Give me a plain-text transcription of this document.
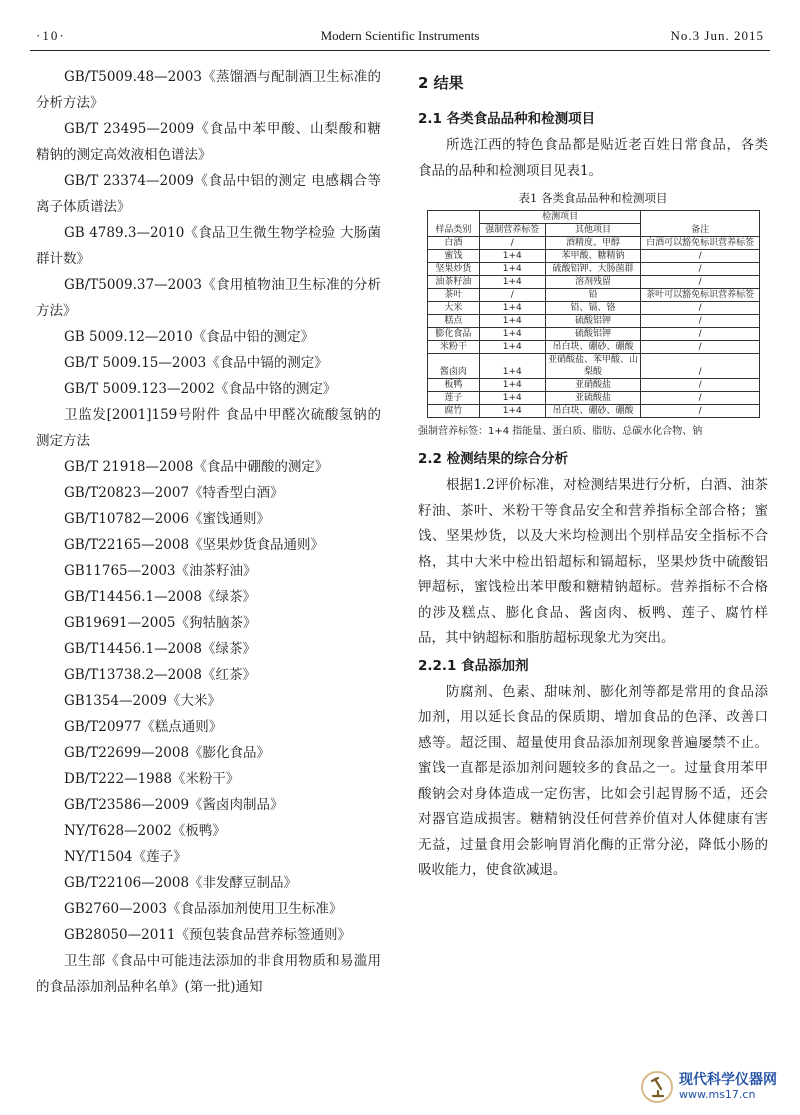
·10·	Modern Scientific Instruments	No.3 Jun. 2015

GB/T5009.48—2003《蒸馏酒与配制酒卫生标准的分析方法》

GB/T 23495—2009《食品中苯甲酸、山梨酸和糖精钠的测定高效液相色谱法》

GB/T 23374—2009《食品中铝的测定 电感耦合等离子体质谱法》

GB 4789.3—2010《食品卫生微生物学检验 大肠菌群计数》

GB/T5009.37—2003《食用植物油卫生标准的分析方法》

GB 5009.12—2010《食品中铅的测定》

GB/T 5009.15—2003《食品中镉的测定》

GB/T 5009.123—2002《食品中铬的测定》

卫监发[2001]159号附件 食品中甲醛次硫酸氢钠的测定方法

GB/T 21918—2008《食品中硼酸的测定》

GB/T20823—2007《特香型白酒》

GB/T10782—2006《蜜饯通则》

GB/T22165—2008《坚果炒货食品通则》

GB11765—2003《油茶籽油》

GB/T14456.1—2008《绿茶》

GB19691—2005《狗牯脑茶》

GB/T14456.1—2008《绿茶》

GB/T13738.2—2008《红茶》

GB1354—2009《大米》

GB/T20977《糕点通则》

GB/T22699—2008《膨化食品》

DB/T222—1988《米粉干》

GB/T23586—2009《酱卤肉制品》

NY/T628—2002《板鸭》

NY/T1504《莲子》

GB/T22106—2008《非发酵豆制品》

GB2760—2003《食品添加剂使用卫生标准》

GB28050—2011《预包装食品营养标签通则》

卫生部《食品中可能违法添加的非食用物质和易滥用的食品添加剂品种名单》(第一批)通知

2 结果
2.1 各类食品品种和检测项目

所选江西的特色食品都是贴近老百姓日常食品，各类食品的品种和检测项目见表1。

表1 各类食品品种和检测项目
样品类别	检测项目		备注
	强制营养标签	其他项目	
白酒	/	酒精度、甲醇	白酒可以豁免标识营养标签
蜜饯	1+4	苯甲酸、糖精钠	/
坚果炒货	1+4	硫酸铝钾、大肠菌群	/
油茶籽油	1+4	溶剂残留	/
茶叶	/	铅	茶叶可以豁免标识营养标签
大米	1+4	铅、镉、铬	/
糕点	1+4	硫酸铝钾	/
膨化食品	1+4	硫酸铝钾	/
米粉干	1+4	吊白块、硼砂、硼酸	/
酱卤肉	1+4	亚硝酸盐、苯甲酸、山梨酸	/
板鸭	1+4	亚硝酸盐	/
莲子	1+4	亚硫酸盐	/
腐竹	1+4	吊白块、硼砂、硼酸	/
强制营养标签：1+4 指能量、蛋白质、脂肪、总碳水化合物、钠
2.2 检测结果的综合分析

根据1.2评价标准，对检测结果进行分析，白酒、油茶籽油、茶叶、米粉干等食品安全和营养指标全部合格；蜜饯、坚果炒货，以及大米均检测出个别样品安全指标不合格，其中大米中检出铅超标和镉超标，坚果炒货中硫酸铝钾超标，蜜饯检出苯甲酸和糖精钠超标。营养指标不合格的涉及糕点、膨化食品、酱卤肉、板鸭、莲子、腐竹样品，其中钠超标和脂肪超标现象尤为突出。

2.2.1 食品添加剂

防腐剂、色素、甜味剂、膨化剂等都是常用的食品添加剂，用以延长食品的保质期、增加食品的色泽、改善口感等。超泛围、超量使用食品添加剂现象普遍屡禁不止。蜜饯一直都是添加剂问题较多的食品之一。过量食用苯甲酸钠会对身体造成一定伤害，比如会引起胃肠不适，还会对器官造成损害。糖精钠没任何营养价值对人体健康有害无益，过量食用会影响胃消化酶的正常分泌，降低小肠的吸收能力，使食欲减退。

现代科学仪器网
www.ms17.cn
